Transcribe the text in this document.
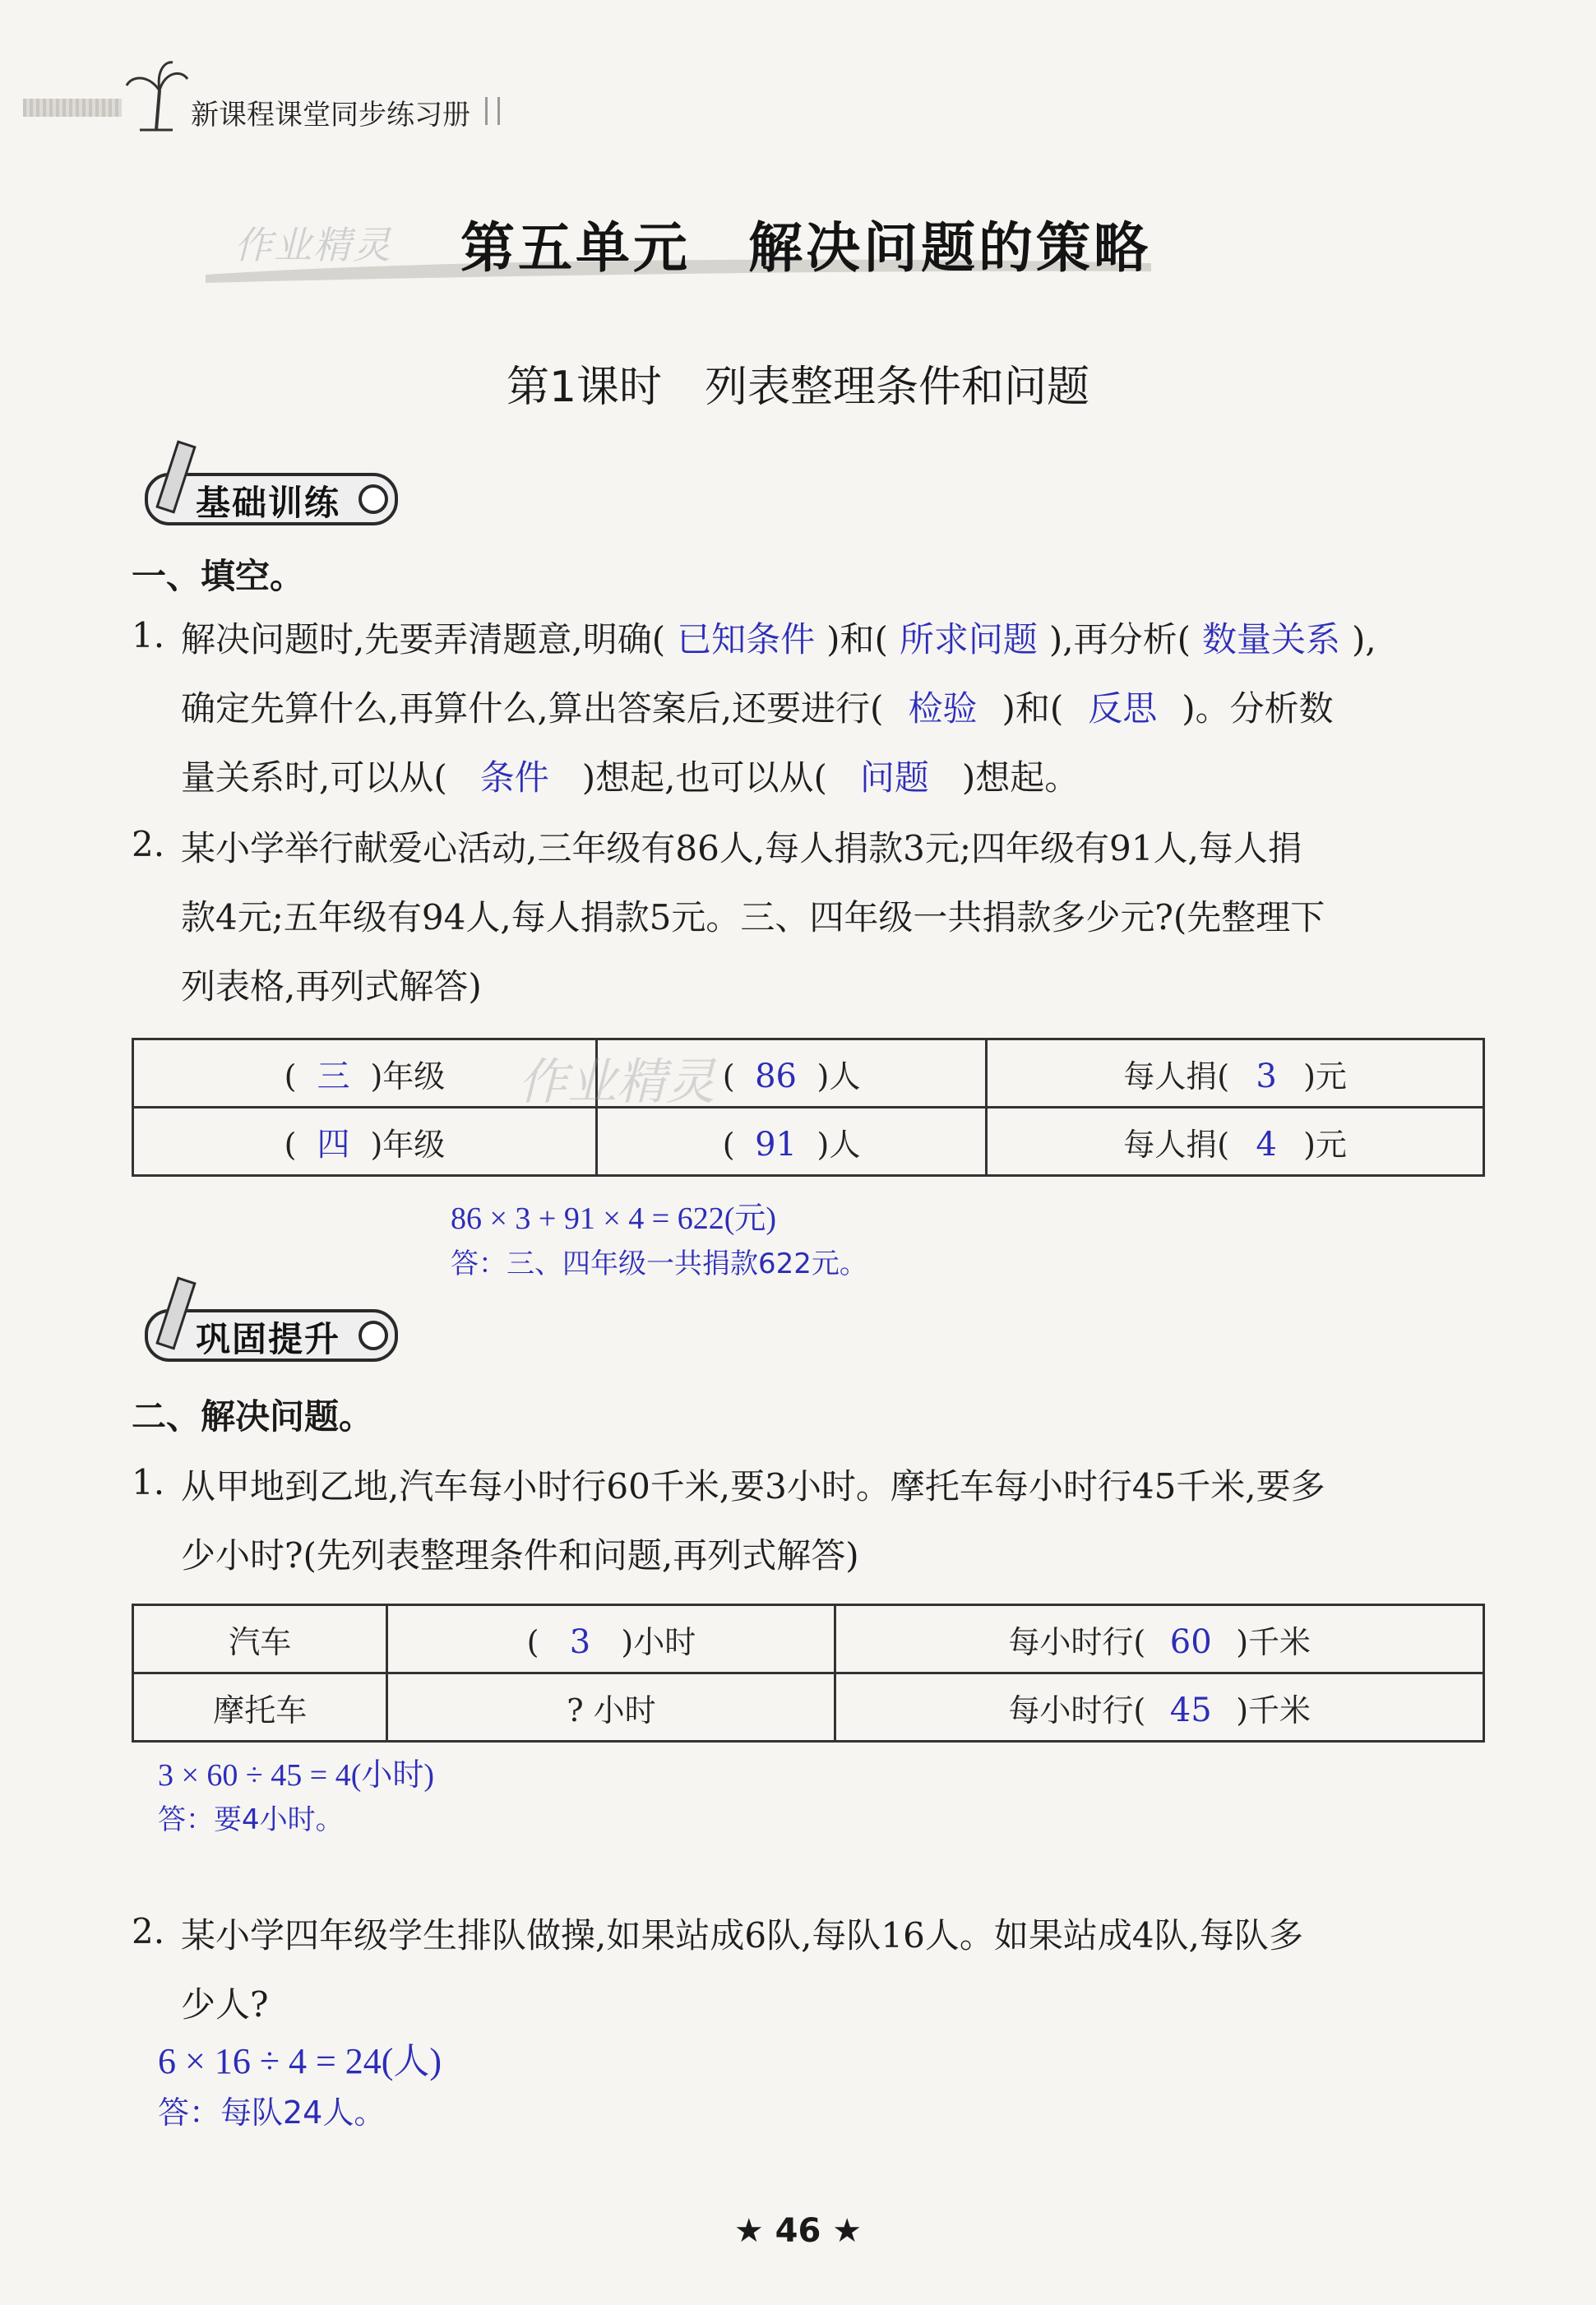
新课程课堂同步练习册
作业精灵 第五单元　解决问题的策略
第1课时　列表整理条件和问题
基础训练
一、填空。
1. 解决问题时,先要弄清题意,明确( 已知条件 )和( 所求问题 ),再分析( 数量关系 ),
确定先算什么,再算什么,算出答案后,还要进行( 检验 )和( 反思 )。分析数
量关系时,可以从( 条件 )想起,也可以从( 问题 )想起。
2. 某小学举行献爱心活动,三年级有86人,每人捐款3元;四年级有91人,每人捐
款4元;五年级有94人,每人捐款5元。三、四年级一共捐款多少元?(先整理下
列表格,再列式解答)
( 三 )年级	( 86 )人	每人捐( 3 )元
( 四 )年级	( 91 )人	每人捐( 4 )元
作业精灵
86 × 3 + 91 × 4 = 622(元)
答：三、四年级一共捐款622元。
巩固提升
二、解决问题。
1. 从甲地到乙地,汽车每小时行60千米,要3小时。摩托车每小时行45千米,要多
少小时?(先列表整理条件和问题,再列式解答)
汽车	( 3 )小时	每小时行( 60 )千米
摩托车	? 小时	每小时行( 45 )千米
3 × 60 ÷ 45 = 4(小时)
答：要4小时。
2. 某小学四年级学生排队做操,如果站成6队,每队16人。如果站成4队,每队多
少人?
6 × 16 ÷ 4 = 24(人)
答：每队24人。
★ 46 ★
